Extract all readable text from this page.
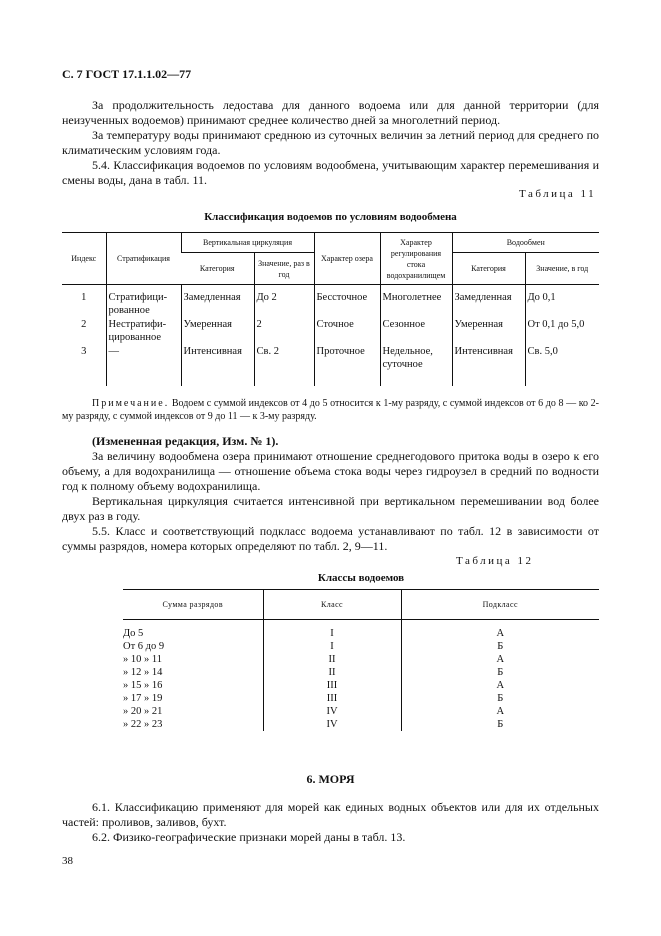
С. 7 ГОСТ 17.1.1.02—77

За продолжительность ледостава для данного водоема или для данной территории (для неизученных водоемов) принимают среднее количество дней за многолетний период.

За температуру воды принимают среднюю из суточных величин за летний период для среднего по климатическим условиям года.

5.4. Классификация водоемов по условиям водообмена, учитывающим характер перемешивания и смены воды, дана в табл. 11.

Таблица 11
Классификация водоемов по условиям водообмена
Индекс	Стратификация	Вертикальная циркуляция		Характер озера	Характер регулирования стока водохранилищем	Водообмен	
		Категория	Значение, раз в год			Категория	Значение, в год
1	Стратифици-рованное	Замедленная	До 2	Бессточное	Многолетнее	Замедленная	До 0,1
2	Нестратифи-цированное	Умеренная	2	Сточное	Сезонное	Умеренная	От 0,1 до 5,0
3	—	Интенсивная	Св. 2	Проточное	Недельное, суточное	Интенсивная	Св. 5,0
Примечание. Водоем с суммой индексов от 4 до 5 относится к 1-му разряду, с суммой индексов от 6 до 8 — ко 2-му разряду, с суммой индексов от 9 до 11 — к 3-му разряду.

(Измененная редакция, Изм. № 1).

За величину водообмена озера принимают отношение среднегодового притока воды в озеро к его объему, а для водохранилища — отношение объема стока воды через гидроузел в средний по водности год к полному объему водохранилища.

Вертикальная циркуляция считается интенсивной при вертикальном перемешивании вод более двух раз в году.

5.5. Класс и соответствующий подкласс водоема устанавливают по табл. 12 в зависимости от суммы разрядов, номера которых определяют по табл. 2, 9—11.

Таблица 12
Классы водоемов
Сумма разрядов	Класс	Подкласс
До 5	I	А
От 6 до 9	I	Б
» 10 » 11	II	А
» 12 » 14	II	Б
» 15 » 16	III	А
» 17 » 19	III	Б
» 20 » 21	IV	А
» 22 » 23	IV	Б
6. МОРЯ

6.1. Классификацию применяют для морей как единых водных объектов или для их отдельных частей: проливов, заливов, бухт.

6.2. Физико-географические признаки морей даны в табл. 13.

38
